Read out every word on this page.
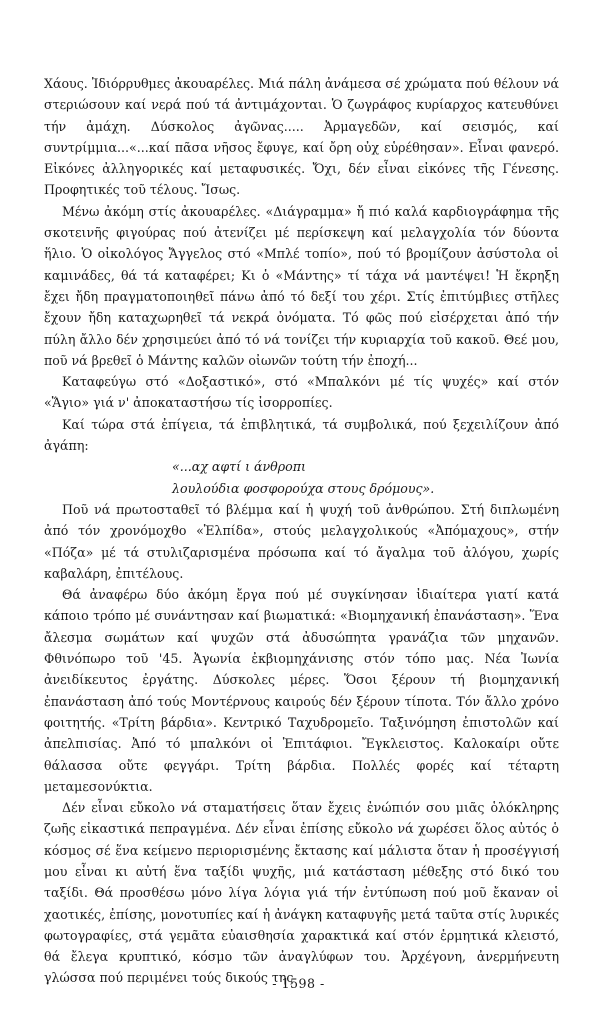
Χάους. Ἰδιόρρυθμες ἀκουαρέλες. Μιά πάλη ἀνάμεσα σέ χρώματα πού θέλουν νά στεριώσουν καί νερά πού τά ἀντιμάχονται. Ὁ ζωγράφος κυρίαρχος κατευθύνει τήν ἀμάχη. Δύσκολος ἀγῶνας..... Ἀρμαγεδῶν, καί σεισμός, καί συντρίμμια...«...καί πᾶσα νῆσος ἔφυγε, καί ὄρη οὐχ εὑρέθησαν». Εἶναι φανερό. Εἰκόνες ἀλληγορικές καί μεταφυσικές. Ὄχι, δέν εἶναι εἰκόνες τῆς Γένεσης. Προφητικές τοῦ τέλους. Ἴσως.

Μένω ἀκόμη στίς ἀκουαρέλες. «Διάγραμμα» ἤ πιό καλά καρδιογράφημα τῆς σκοτεινῆς φιγούρας πού ἀτενίζει μέ περίσκεψη καί μελαγχολία τόν δύοντα ἥλιο. Ὁ οἰκολόγος Ἄγγελος στό «Μπλέ τοπίο», πού τό βρομίζουν ἀσύστολα οἱ καμινάδες, θά τά καταφέρει; Κι ὁ «Μάντης» τί τάχα νά μαντέψει! Ἡ ἔκρηξη ἔχει ἤδη πραγματοποιηθεῖ πάνω ἀπό τό δεξί του χέρι. Στίς ἐπιτύμβιες στῆλες ἔχουν ἤδη καταχωρηθεῖ τά νεκρά ὀνόματα. Τό φῶς πού εἰσέρχεται ἀπό τήν πύλη ἄλλο δέν χρησιμεύει ἀπό τό νά τονίζει τήν κυριαρχία τοῦ κακοῦ. Θεέ μου, ποῦ νά βρεθεῖ ὁ Μάντης καλῶν οἰωνῶν τούτη τήν ἐποχή...

Καταφεύγω στό «Δοξαστικό», στό «Μπαλκόνι μέ τίς ψυχές» καί στόν «Ἅγιο» γιά ν' ἀποκαταστήσω τίς ἰσορροπίες.

Καί τώρα στά ἐπίγεια, τά ἐπιβλητικά, τά συμβολικά, πού ξεχειλίζουν ἀπό ἀγάπη:

«...αχ αφτί ι άνθροπι

λουλούδια φοσφορούχα στους δρόμους».

Ποῦ νά πρωτοσταθεῖ τό βλέμμα καί ἡ ψυχή τοῦ ἀνθρώπου. Στή διπλωμένη ἀπό τόν χρονόμοχθο «Ἐλπίδα», στούς μελαγχολικούς «Ἀπόμαχους», στήν «Πόζα» μέ τά στυλιζαρισμένα πρόσωπα καί τό ἄγαλμα τοῦ ἀλόγου, χωρίς καβαλάρη, ἐπιτέλους.

Θά ἀναφέρω δύο ἀκόμη ἔργα πού μέ συγκίνησαν ἰδιαίτερα γιατί κατά κάποιο τρόπο μέ συνάντησαν καί βιωματικά: «Βιομηχανική ἐπανάσταση». Ἕνα ἄλεσμα σωμάτων καί ψυχῶν στά ἀδυσώπητα γρανάζια τῶν μηχανῶν. Φθινόπωρο τοῦ '45. Ἀγωνία ἐκβιομηχάνισης στόν τόπο μας. Νέα Ἰωνία ἀνειδίκευτος ἐργάτης. Δύσκολες μέρες. Ὅσοι ξέρουν τή βιομηχανική ἐπανάσταση ἀπό τούς Μοντέρνους καιρούς δέν ξέρουν τίποτα. Τόν ἄλλο χρόνο φοιτητής. «Τρίτη βάρδια». Κεντρικό Ταχυδρομεῖο. Ταξινόμηση ἐπιστολῶν καί ἀπελπισίας. Ἀπό τό μπαλκόνι οἱ Ἐπιτάφιοι. Ἔγκλειστος. Καλοκαίρι οὔτε θάλασσα οὔτε φεγγάρι. Τρίτη βάρδια. Πολλές φορές καί τέταρτη μεταμεσονύκτια.

Δέν εἶναι εὔκολο νά σταματήσεις ὅταν ἔχεις ἐνώπιόν σου μιᾶς ὁλόκληρης ζωῆς εἰκαστικά πεπραγμένα. Δέν εἶναι ἐπίσης εὔκολο νά χωρέσει ὅλος αὐτός ὁ κόσμος σέ ἕνα κείμενο περιορισμένης ἔκτασης καί μάλιστα ὅταν ἡ προσέγγισή μου εἶναι κι αὐτή ἕνα ταξίδι ψυχῆς, μιά κατάσταση μέθεξης στό δικό του ταξίδι. Θά προσθέσω μόνο λίγα λόγια γιά τήν ἐντύπωση πού μοῦ ἔκαναν οἱ χαοτικές, ἐπίσης, μονοτυπίες καί ἡ ἀνάγκη καταφυγῆς μετά ταῦτα στίς λυρικές φωτογραφίες, στά γεμᾶτα εὐαισθησία χαρακτικά καί στόν ἑρμητικά κλειστό, θά ἔλεγα κρυπτικό, κόσμο τῶν ἀναγλύφων του. Ἀρχέγονη, ἀνερμήνευτη γλώσσα πού περιμένει τούς δικούς της

- 1598 -
